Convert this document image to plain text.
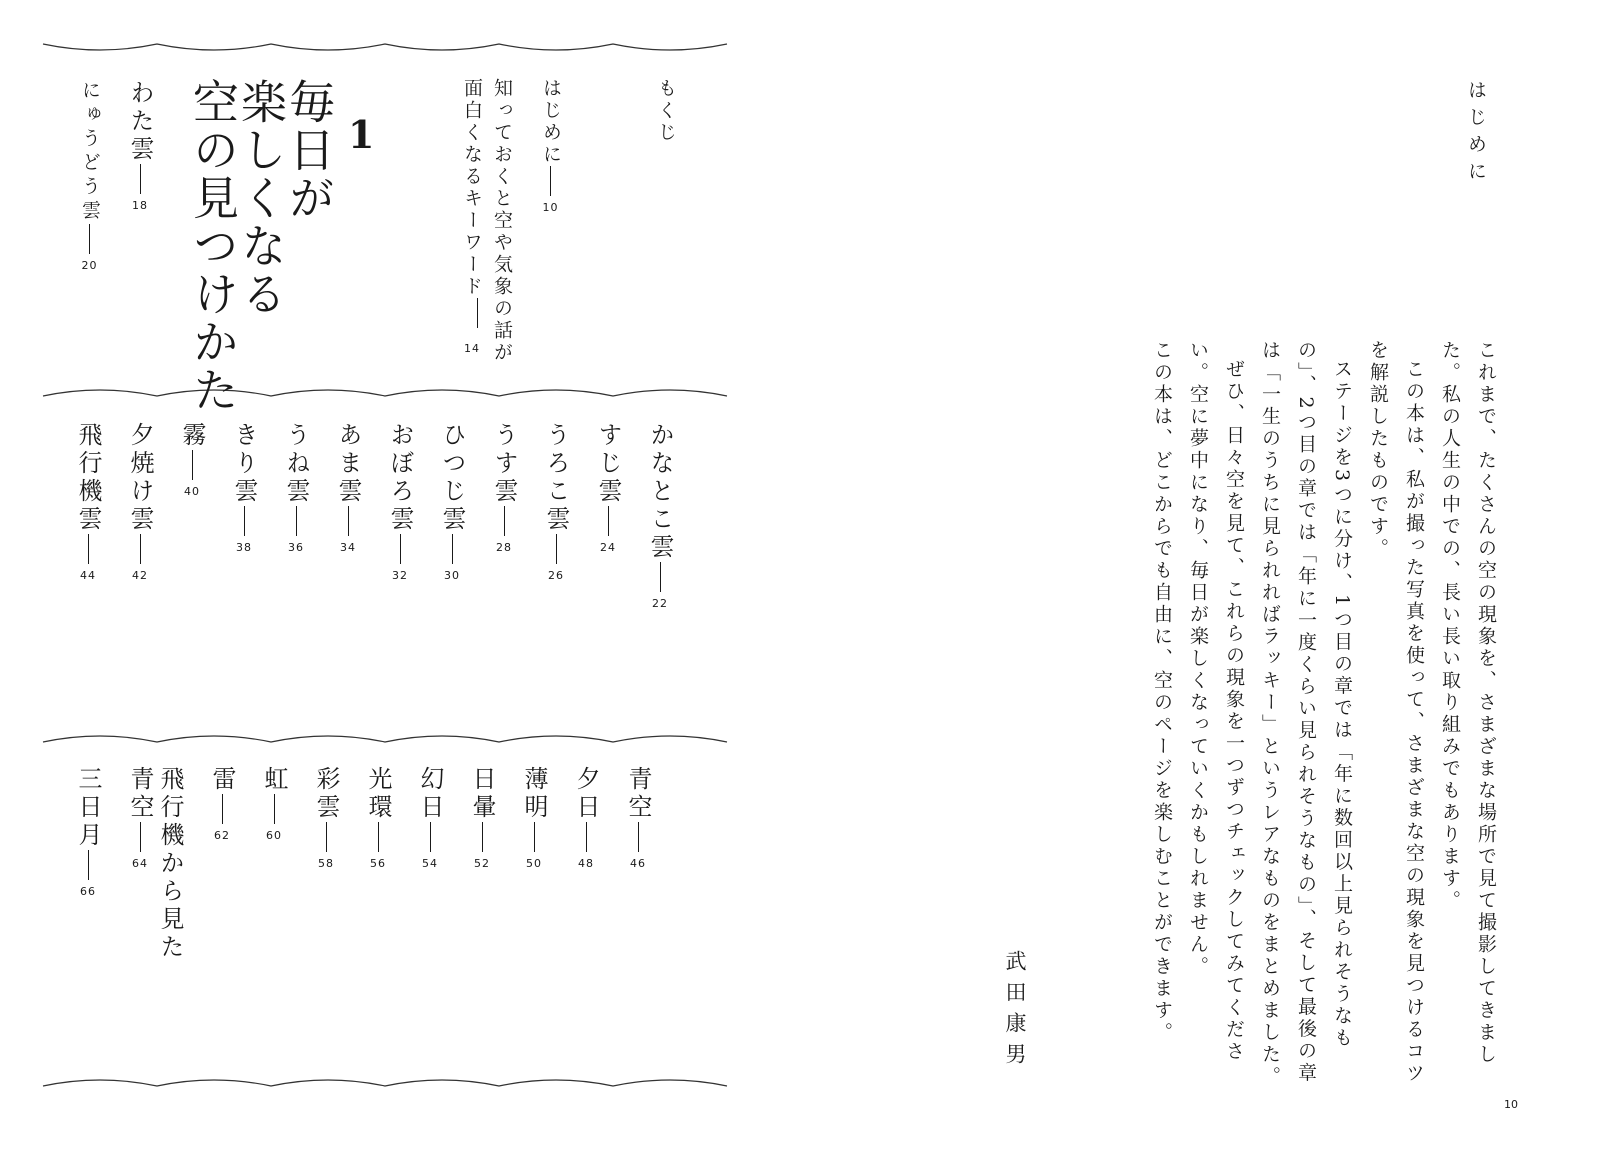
もくじ
はじめに
10
知っておくと空や気象の話が面白くなるキーワード14
1
毎日が
楽しくなる
空の見つけかた
わた雲
18
にゅうどう雲
20
かなとこ雲
22
すじ雲
24
うろこ雲
26
うす雲
28
ひつじ雲
30
おぼろ雲
32
あま雲
34
うね雲
36
きり雲
38
霧
40
夕焼け雲
42
飛行機雲
44
青空
46
夕日
48
薄明
50
日暈
52
幻日
54
光環
56
彩雲
58
虹
60
雷
62
飛行機から見た
青空
64
三日月
66
はじめに

これまで、たくさんの空の現象を、さまざまな場所で見て撮影してきました。私の人生の中での、長い長い取り組みでもあります。

この本は、私が撮った写真を使って、さまざまな空の現象を見つけるコツを解説したものです。

ステージを3つに分け、1つ目の章では「年に数回以上見られそうなもの」、2つ目の章では「年に一度くらい見られそうなもの」、そして最後の章は「一生のうちに見られればラッキー」というレアなものをまとめました。

ぜひ、日々空を見て、これらの現象を一つずつチェックしてみてください。空に夢中になり、毎日が楽しくなっていくかもしれません。

この本は、どこからでも自由に、空のページを楽しむことができます。

武田康男
10
